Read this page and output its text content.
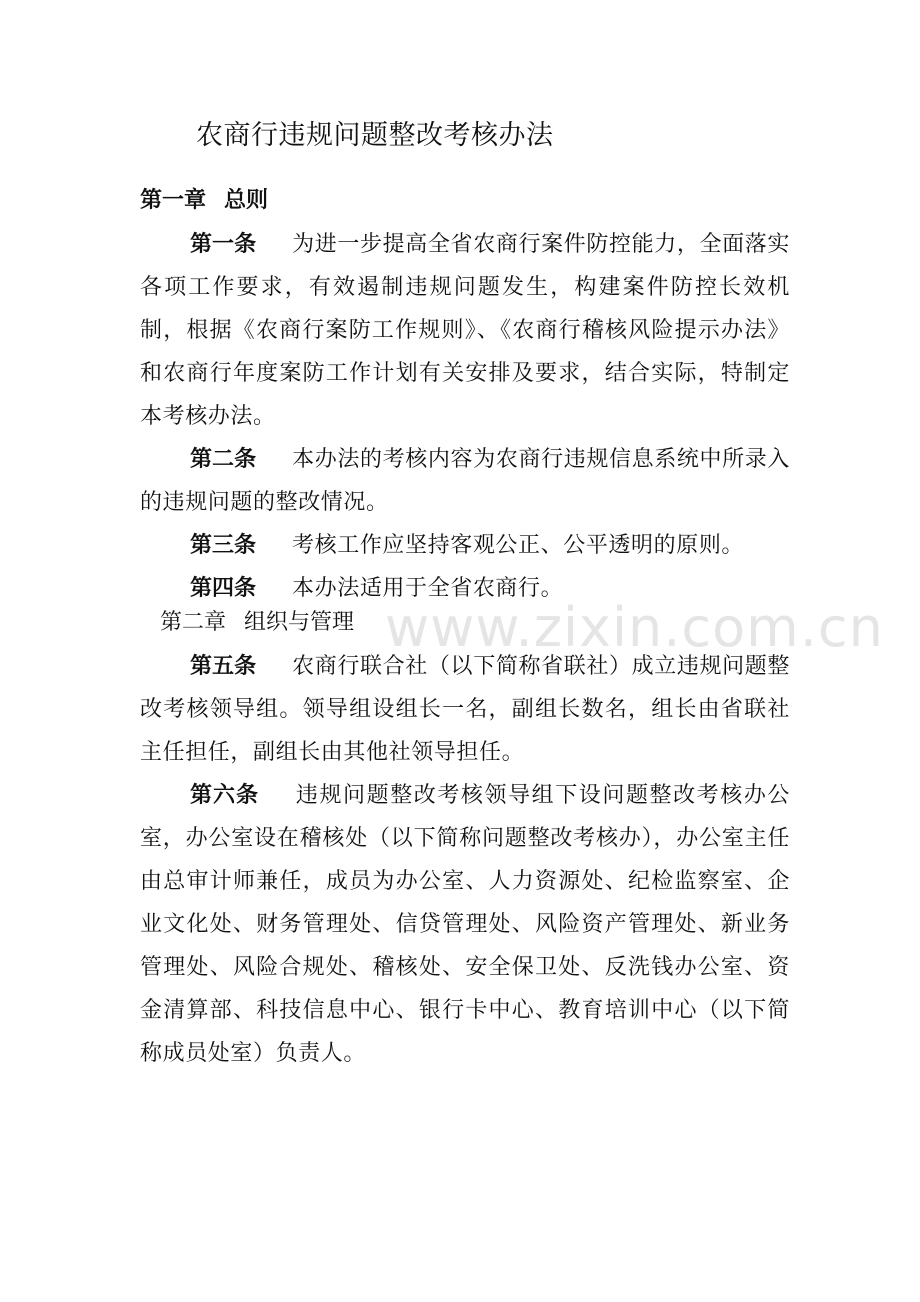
农商行违规问题整改考核办法
第一章 总则

第一条 为进一步提高全省农商行案件防控能力，全面落实各项工作要求，有效遏制违规问题发生，构建案件防控长效机制，根据《农商行案防工作规则》、《农商行稽核风险提示办法》和农商行年度案防工作计划有关安排及要求，结合实际，特制定本考核办法。

第二条 本办法的考核内容为农商行违规信息系统中所录入的违规问题的整改情况。

第三条 考核工作应坚持客观公正、公平透明的原则。

第四条 本办法适用于全省农商行。

第二章 组织与管理 www.zixin.com.cn

第五条 农商行联合社（以下简称省联社）成立违规问题整改考核领导组。领导组设组长一名，副组长数名，组长由省联社主任担任，副组长由其他社领导担任。

第六条 违规问题整改考核领导组下设问题整改考核办公室，办公室设在稽核处（以下简称问题整改考核办），办公室主任由总审计师兼任，成员为办公室、人力资源处、纪检监察室、企业文化处、财务管理处、信贷管理处、风险资产管理处、新业务管理处、风险合规处、稽核处、安全保卫处、反洗钱办公室、资金清算部、科技信息中心、银行卡中心、教育培训中心（以下简称成员处室）负责人。
